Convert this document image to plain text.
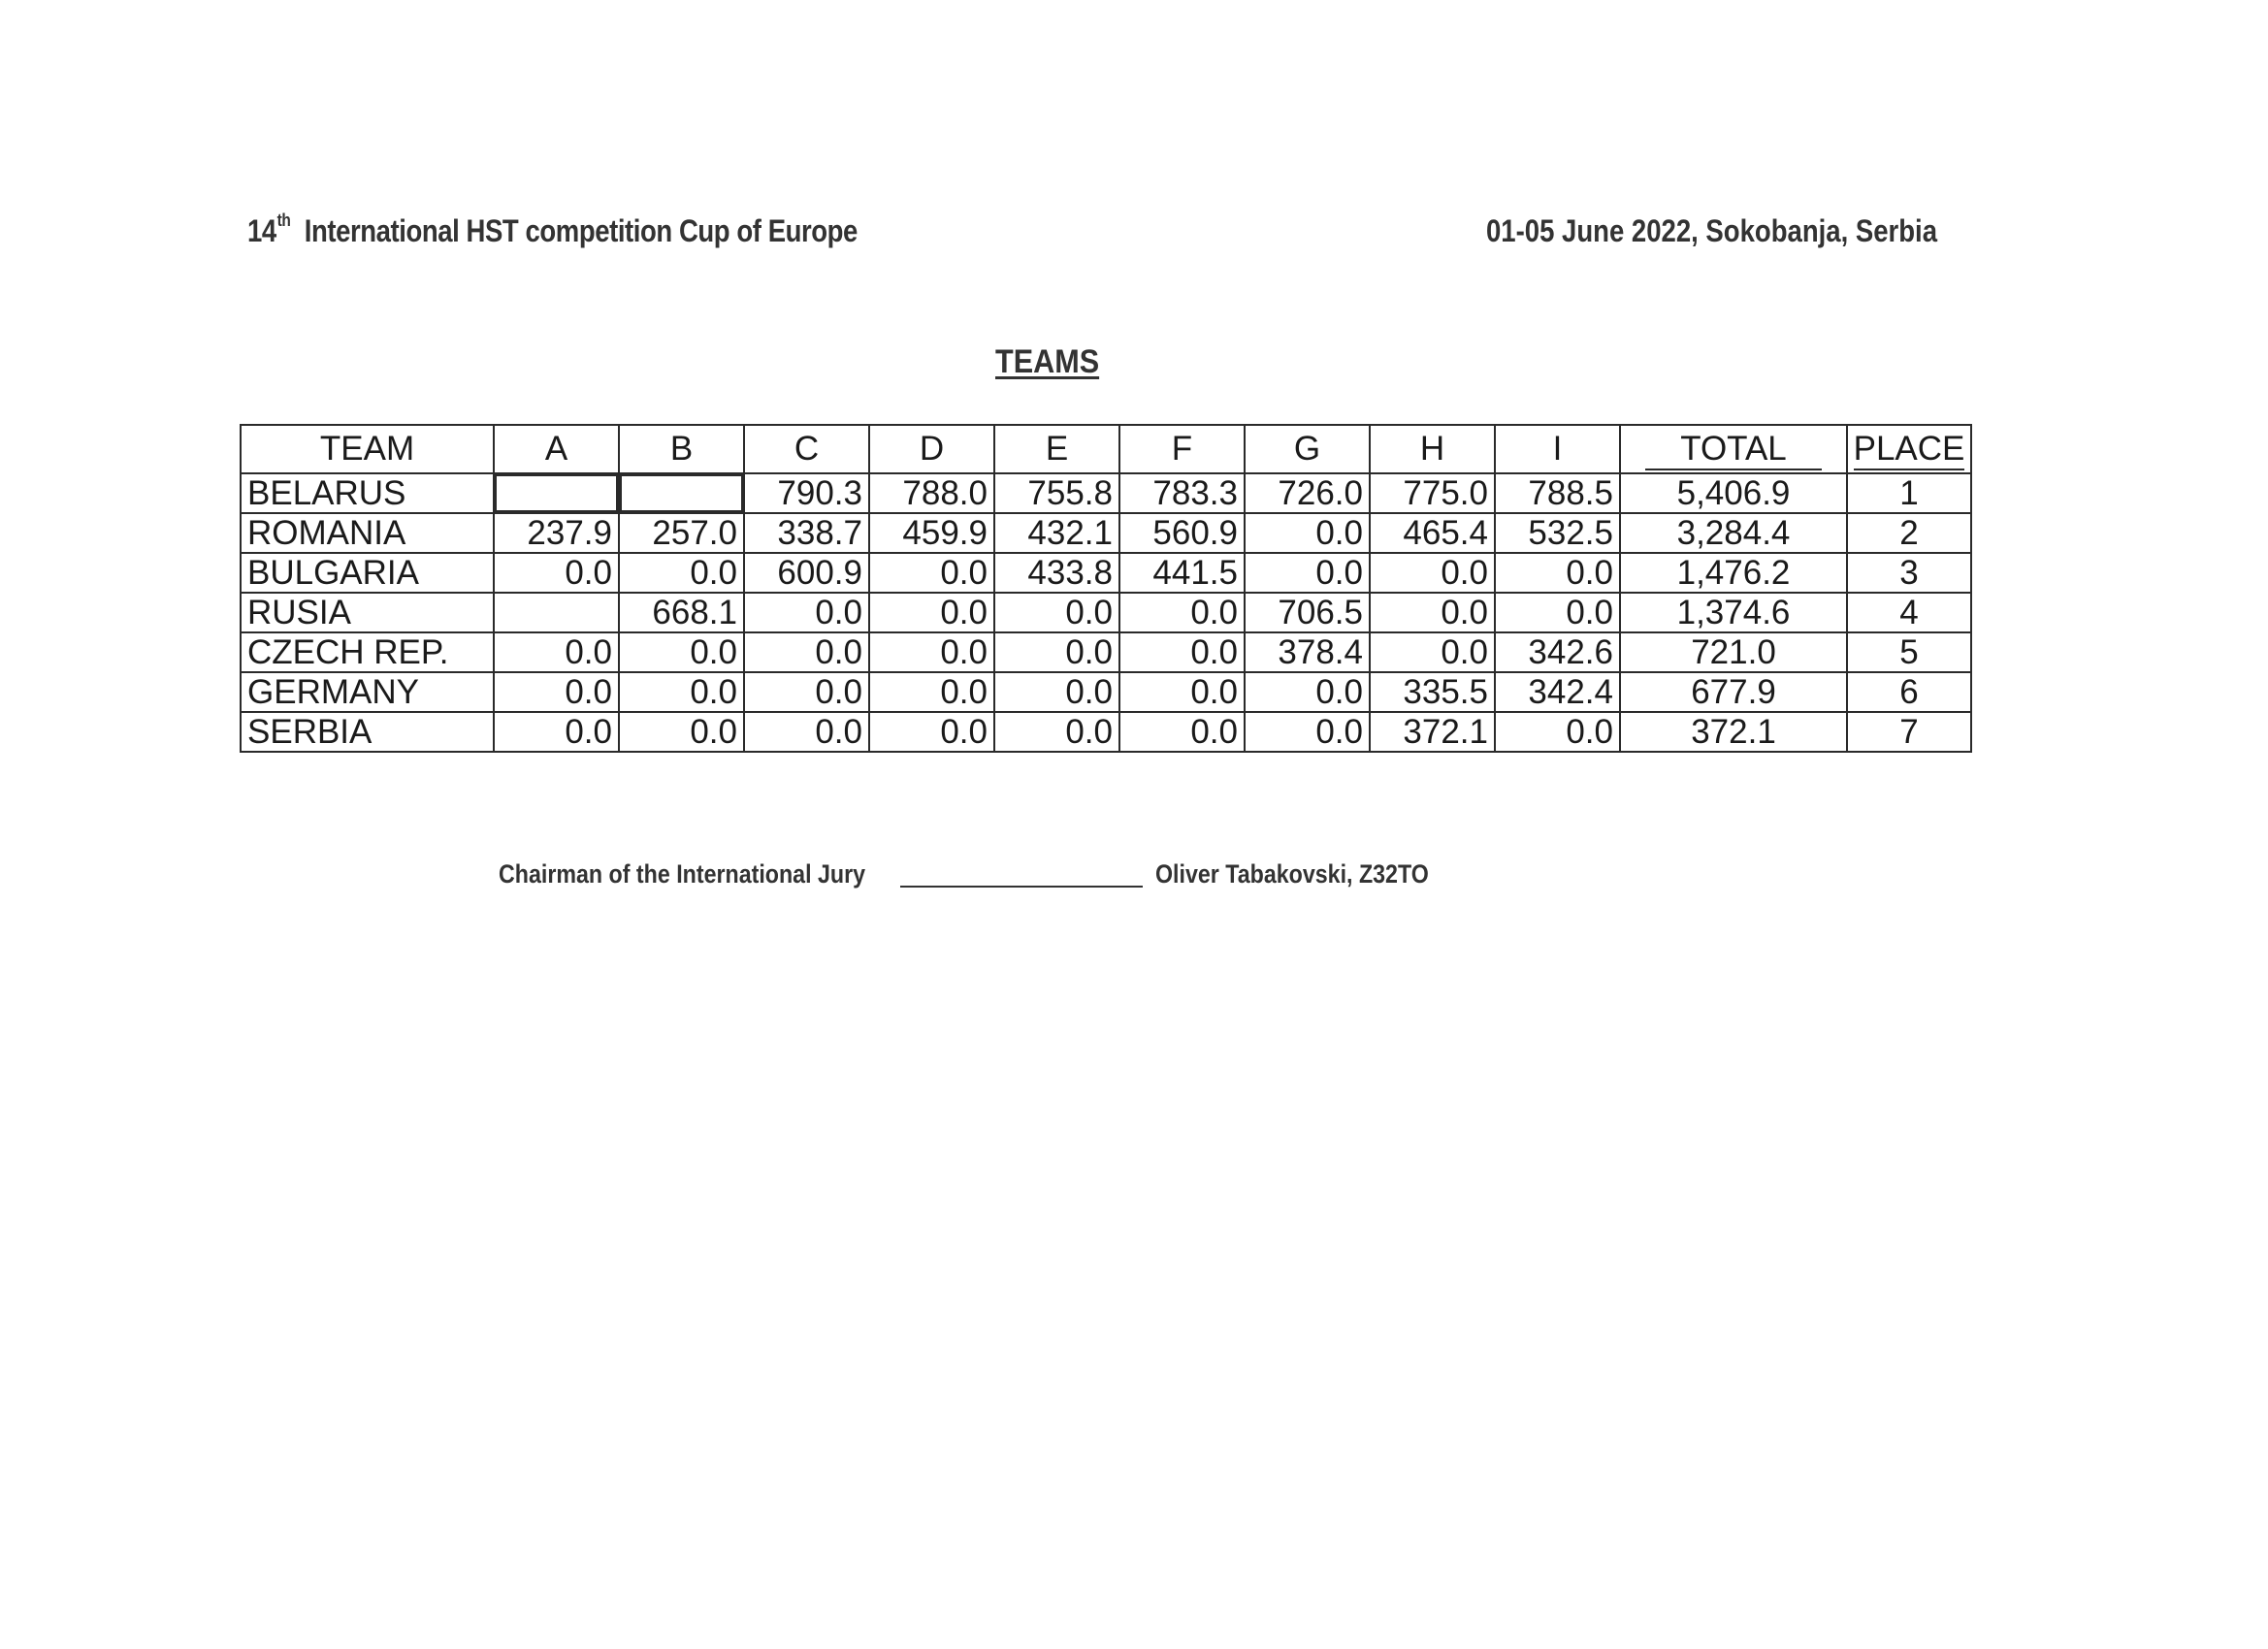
14th International HST competition Cup of Europe	01-05 June 2022, Sokobanja, Serbia
TEAMS
TEAM	A	B	C	D	E	F	G	H	I	TOTAL	PLACE
BELARUS			790.3	788.0	755.8	783.3	726.0	775.0	788.5	5,406.9	1
ROMANIA	237.9	257.0	338.7	459.9	432.1	560.9	0.0	465.4	532.5	3,284.4	2
BULGARIA	0.0	0.0	600.9	0.0	433.8	441.5	0.0	0.0	0.0	1,476.2	3
RUSIA		668.1	0.0	0.0	0.0	0.0	706.5	0.0	0.0	1,374.6	4
CZECH REP.	0.0	0.0	0.0	0.0	0.0	0.0	378.4	0.0	342.6	721.0	5
GERMANY	0.0	0.0	0.0	0.0	0.0	0.0	0.0	335.5	342.4	677.9	6
SERBIA	0.0	0.0	0.0	0.0	0.0	0.0	0.0	372.1	0.0	372.1	7
Chairman of the International Jury	Oliver Tabakovski, Z32TO
